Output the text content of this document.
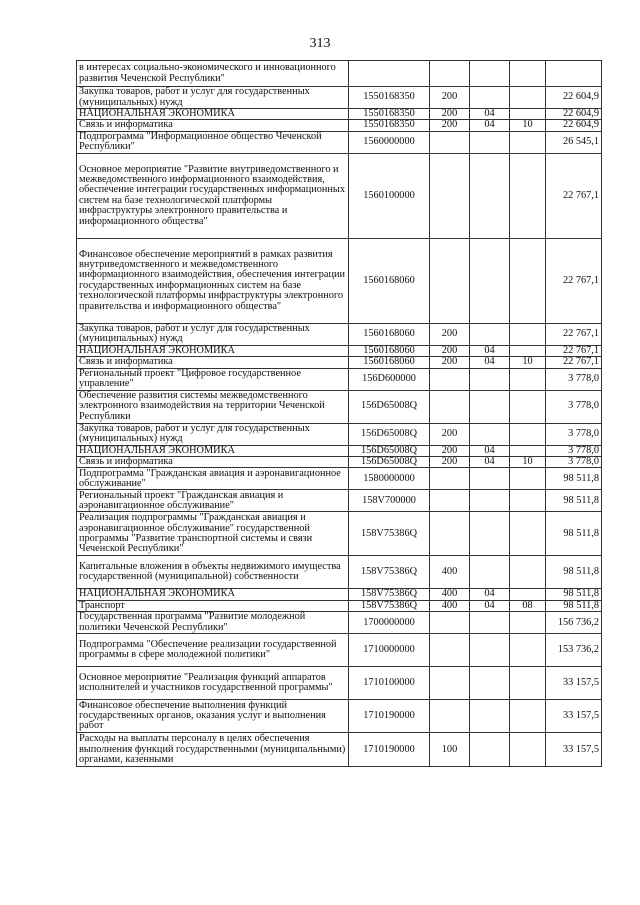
313
в интересах социально-экономического и инновационного развития Чеченской Республики"					
Закупка товаров, работ и услуг для государственных (муниципальных) нужд	1550168350	200			22 604,9
НАЦИОНАЛЬНАЯ ЭКОНОМИКА	1550168350	200	04		22 604,9
Связь и информатика	1550168350	200	04	10	22 604,9
Подпрограмма "Информационное общество Чеченской Республики"	1560000000				26 545,1
Основное мероприятие "Развитие внутриведомственного и межведомственного информационного взаимодействия, обеспечение интеграции государственных информационных систем на базе технологической платформы инфраструктуры электронного правительства и информационного общества"	1560100000				22 767,1
Финансовое обеспечение мероприятий в рамках развития внутриведомственного и межведомственного информационного взаимодействия, обеспечения интеграции государственных информационных систем на базе технологической платформы инфраструктуры электронного правительства и информационного общества"	1560168060				22 767,1
Закупка товаров, работ и услуг для государственных (муниципальных) нужд	1560168060	200			22 767,1
НАЦИОНАЛЬНАЯ ЭКОНОМИКА	1560168060	200	04		22 767,1
Связь и информатика	1560168060	200	04	10	22 767,1
Региональный проект "Цифровое государственное управление"	156D600000				3 778,0
Обеспечение развития системы межведомственного электронного взаимодействия на территории Чеченской Республики	156D65008Q				3 778,0
Закупка товаров, работ и услуг для государственных (муниципальных) нужд	156D65008Q	200			3 778,0
НАЦИОНАЛЬНАЯ ЭКОНОМИКА	156D65008Q	200	04		3 778,0
Связь и информатика	156D65008Q	200	04	10	3 778,0
Подпрограмма "Гражданская авиация и аэронавигационное обслуживание"	1580000000				98 511,8
Региональный проект "Гражданская авиация и аэронавигационное обслуживание"	158V700000				98 511,8
Реализация подпрограммы "Гражданская авиация и аэронавигационное обслуживание" государственной программы "Развитие транспортной системы и связи Чеченской Республики"	158V75386Q				98 511,8
Капитальные вложения в объекты недвижимого имущества государственной (муниципальной) собственности	158V75386Q	400			98 511,8
НАЦИОНАЛЬНАЯ ЭКОНОМИКА	158V75386Q	400	04		98 511,8
Транспорт	158V75386Q	400	04	08	98 511,8
Государственная программа "Развитие молодежной политики Чеченской Республики"	1700000000				156 736,2
Подпрограмма "Обеспечение реализации государственной программы в сфере молодежной политики"	1710000000				153 736,2
Основное мероприятие "Реализация функций аппаратов исполнителей и участников государственной программы"	1710100000				33 157,5
Финансовое обеспечение выполнения функций государственных органов, оказания услуг и выполнения работ	1710190000				33 157,5
Расходы на выплаты персоналу в целях обеспечения выполнения функций государственными (муниципальными) органами, казенными	1710190000	100			33 157,5
